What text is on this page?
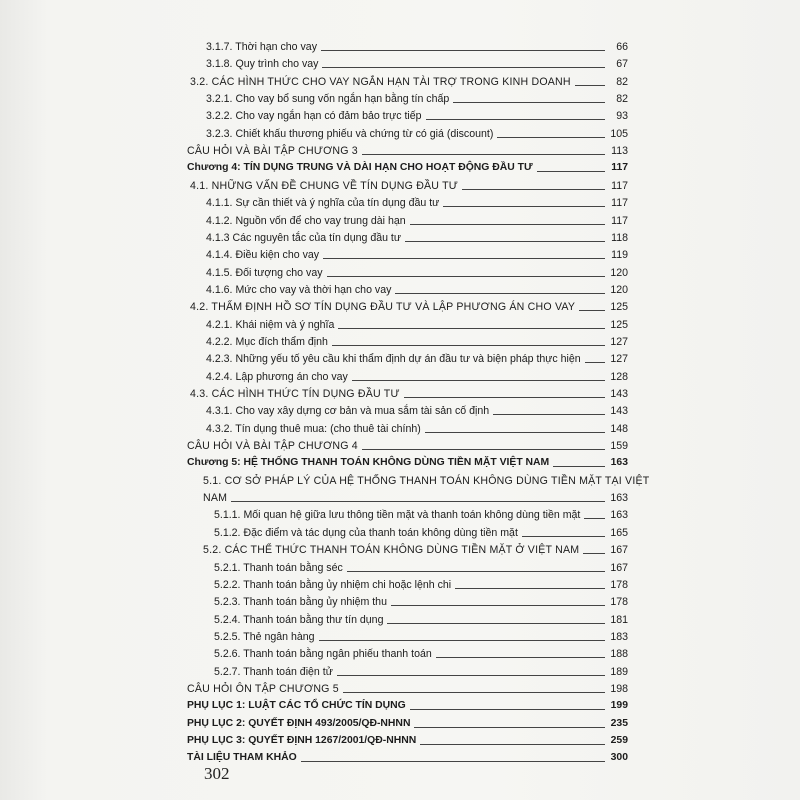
3.1.7. Thời hạn cho vay	66
3.1.8. Quy trình cho vay	67
3.2. CÁC HÌNH THỨC CHO VAY NGẮN HẠN TÀI TRỢ TRONG KINH DOANH	82
3.2.1. Cho vay bổ sung vốn ngắn hạn bằng tín chấp	82
3.2.2. Cho vay ngắn hạn có đảm bảo trực tiếp	93
3.2.3. Chiết khấu thương phiếu và chứng từ có giá (discount)	105
CÂU HỎI VÀ BÀI TẬP CHƯƠNG 3	113
Chương 4: TÍN DỤNG TRUNG VÀ DÀI HẠN CHO HOẠT ĐỘNG ĐẦU TƯ	117
4.1. NHỮNG VẤN ĐỀ CHUNG VỀ TÍN DỤNG ĐẦU TƯ	117
4.1.1. Sự cần thiết và ý nghĩa của tín dụng đầu tư	117
4.1.2. Nguồn vốn để cho vay trung dài hạn	117
4.1.3 Các nguyên tắc của tín dụng đầu tư	118
4.1.4. Điều kiện cho vay	119
4.1.5. Đối tượng cho vay	120
4.1.6. Mức cho vay và thời hạn cho vay	120
4.2. THẨM ĐỊNH HỒ SƠ TÍN DỤNG ĐẦU TƯ VÀ LẬP PHƯƠNG ÁN CHO VAY	125
4.2.1. Khái niệm và ý nghĩa	125
4.2.2. Mục đích thẩm định	127
4.2.3. Những yếu tố yêu cầu khi thẩm định dự án đầu tư và biện pháp thực hiện	127
4.2.4. Lập phương án cho vay	128
4.3. CÁC HÌNH THỨC TÍN DỤNG ĐẦU TƯ	143
4.3.1. Cho vay xây dựng cơ bản và mua sắm tài sản cố định	143
4.3.2. Tín dụng thuê mua: (cho thuê tài chính)	148
CÂU HỎI VÀ BÀI TẬP CHƯƠNG 4	159
Chương 5: HỆ THỐNG THANH TOÁN KHÔNG DÙNG TIỀN MẶT VIỆT NAM	163
5.1. CƠ SỞ PHÁP LÝ CỦA HỆ THỐNG THANH TOÁN KHÔNG DÙNG TIỀN MẶT TẠI VIỆT
NAM	163
5.1.1. Mối quan hệ giữa lưu thông tiền mặt và thanh toán không dùng tiền mặt	163
5.1.2. Đặc điểm và tác dụng của thanh toán không dùng tiền mặt	165
5.2. CÁC THỂ THỨC THANH TOÁN KHÔNG DÙNG TIỀN MẶT Ở VIỆT NAM	167
5.2.1. Thanh toán bằng séc	167
5.2.2. Thanh toán bằng ủy nhiệm chi hoặc lệnh chi	178
5.2.3. Thanh toán bằng ủy nhiệm thu	178
5.2.4. Thanh toán bằng thư tín dụng	181
5.2.5. Thẻ ngân hàng	183
5.2.6. Thanh toán bằng ngân phiếu thanh toán	188
5.2.7. Thanh toán điện tử	189
CÂU HỎI ÔN TẬP CHƯƠNG 5	198
PHỤ LỤC 1: LUẬT CÁC TỔ CHỨC TÍN DỤNG	199
PHỤ LỤC 2: QUYẾT ĐỊNH 493/2005/QĐ-NHNN	235
PHỤ LỤC 3: QUYẾT ĐỊNH 1267/2001/QĐ-NHNN	259
TÀI LIỆU THAM KHẢO	300
302
